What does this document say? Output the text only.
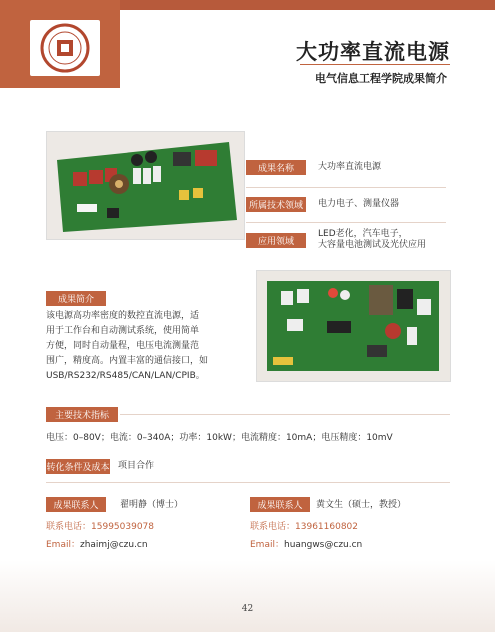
大功率直流电源
电气信息工程学院成果简介
成果名称	大功率直流电源
所属技术领域	电力电子、测量仪器
应用领域
LED老化，汽车电子，
大容量电池测试及光伏应用
成果简介
该电源高功率密度的数控直流电源，适
用于工作台和自动测试系统，使用简单
方便，同时自动量程，电压电流测量范
围广，精度高。内置丰富的通信接口，如
USB/RS232/RS485/CAN/LAN/CPIB。
主要技术指标
电压：0–80V；电流：0–340A；功率：10kW；电流精度：10mA；电压精度：10mV
转化条件及成本 项目合作
成果联系人	翟明静（博士）
联系电话：15995039078
Email：zhaimj@czu.cn
成果联系人	黄文生（硕士，教授）
联系电话：13961160802
Email：huangws@czu.cn
42
